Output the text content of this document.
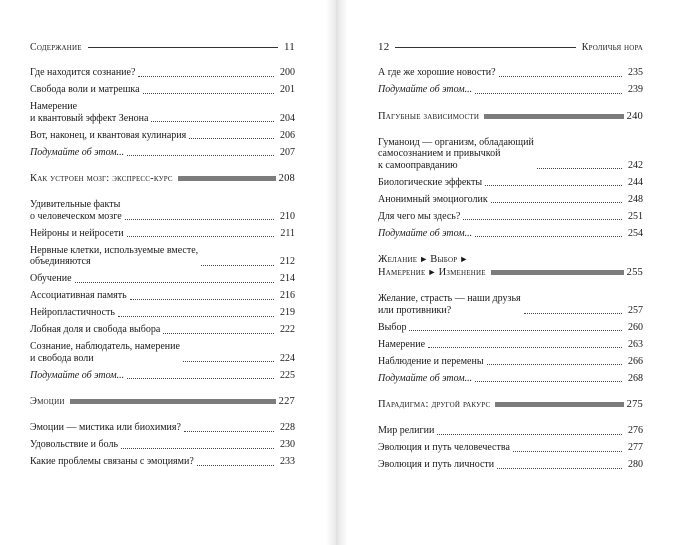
Содержание	11
Где находится сознание?	200
Свобода воли и матрешка	201
Намерение
и квантовый эффект Зенона	204
Вот, наконец, и квантовая кулинария	206
Подумайте об этом...	207
Как устроен мозг: экспресс-курс	208
Удивительные факты
о человеческом мозге	210
Нейроны и нейросети	211
Нервные клетки, используемые вместе,
объединяются	212
Обучение	214
Ассоциативная память	216
Нейропластичность	219
Лобная доля и свобода выбора	222
Сознание, наблюдатель, намерение
и свобода воли	224
Подумайте об этом...	225
Эмоции	227
Эмоции — мистика или биохимия?	228
Удовольствие и боль	230
Какие проблемы связаны с эмоциями?	233
12	Кроличья нора
А где же хорошие новости?	235
Подумайте об этом...	239
Пагубные зависимости	240
Гуманоид — организм, обладающий
самосознанием и привычкой
к самооправданию	242
Биологические эффекты	244
Анонимный эмоциоголик	248
Для чего мы здесь?	251
Подумайте об этом...	254
Желание ► Выбор ►
Намерение ► Изменение	255
Желание, страсть — наши друзья
или противники?	257
Выбор	260
Намерение	263
Наблюдение и перемены	266
Подумайте об этом...	268
Парадигма: другой ракурс	275
Мир религии	276
Эволюция и путь человечества	277
Эволюция и путь личности	280
